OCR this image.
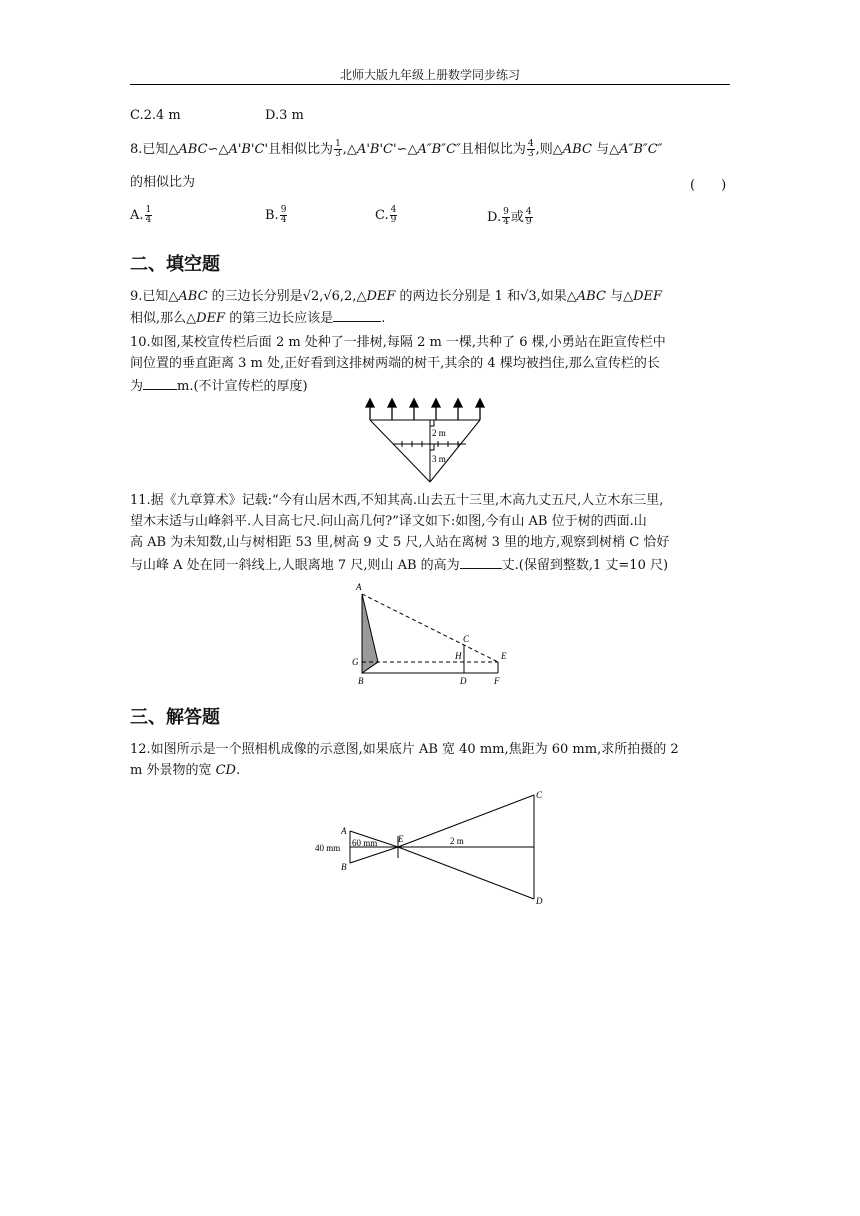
北师大版九年级上册数学同步练习
C.2.4 m	D.3 m
8.已知△ABC∽△A'B'C'且相似比为 $\frac{1}{3}$ ,△A'B'C'∽△A″B″C″且相似比为 $\frac{4}{3}$ ,则△ABC 与△A″B″C″
的相似比为	(　　)
A. $\frac{1}{4}$	B. $\frac{9}{4}$	C. $\frac{4}{9}$	D. $\frac{9}{4}$ 或 $\frac{4}{9}$
二、填空题
9.已知△ABC 的三边长分别是√2,√6,2,△DEF 的两边长分别是 1 和√3,如果△ABC 与△DEF
相似,那么△DEF 的第三边长应该是	.
10.如图,某校宣传栏后面 2 m 处种了一排树,每隔 2 m 一棵,共种了 6 棵,小勇站在距宣传栏中
间位置的垂直距离 3 m 处,正好看到这排树两端的树干,其余的 4 棵均被挡住,那么宣传栏的长
为	m.(不计宣传栏的厚度)
2 m
3 m
11.据《九章算术》记载:“今有山居木西,不知其高.山去五十三里,木高九丈五尺,人立木东三里,
望木末适与山峰斜平.人目高七尺.问山高几何?”译文如下:如图,今有山 AB 位于树的西面.山
高 AB 为未知数,山与树相距 53 里,树高 9 丈 5 尺,人站在离树 3 里的地方,观察到树梢 C 恰好
与山峰 A 处在同一斜线上,人眼离地 7 尺,则山 AB 的高为	丈.(保留到整数,1 丈=10 尺)
A
B
C
D
E
F
G
H
三、解答题
12.如图所示是一个照相机成像的示意图,如果底片 AB 宽 40 mm,焦距为 60 mm,求所拍摄的 2
m 外景物的宽 CD.
A
B
C
D
E
40 mm 60 mm	2 m
